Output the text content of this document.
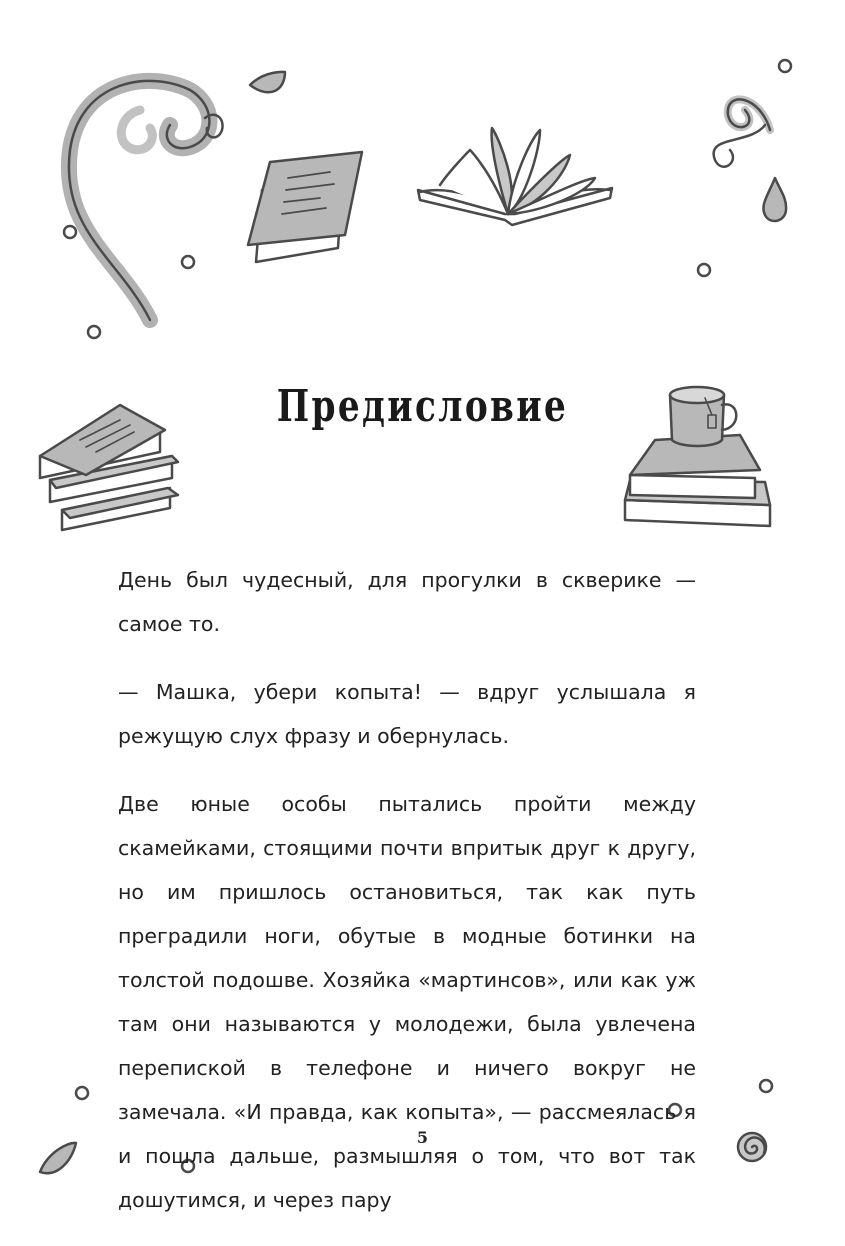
Предисловие

День был чудесный, для прогулки в скверике — самое то.

— Машка, убери копыта! — вдруг услышала я режущую слух фразу и обернулась.

Две юные особы пытались пройти между скамейками, стоящими почти впритык друг к другу, но им пришлось остановиться, так как путь преградили ноги, обутые в модные ботинки на толстой подошве. Хозяйка «мартинсов», или как уж там они называются у молодежи, была увлечена перепиской в телефоне и ничего вокруг не замечала. «И правда, как копыта», — рассмеялась я и пошла дальше, размышляя о том, что вот так дошутимся, и через пару

5
